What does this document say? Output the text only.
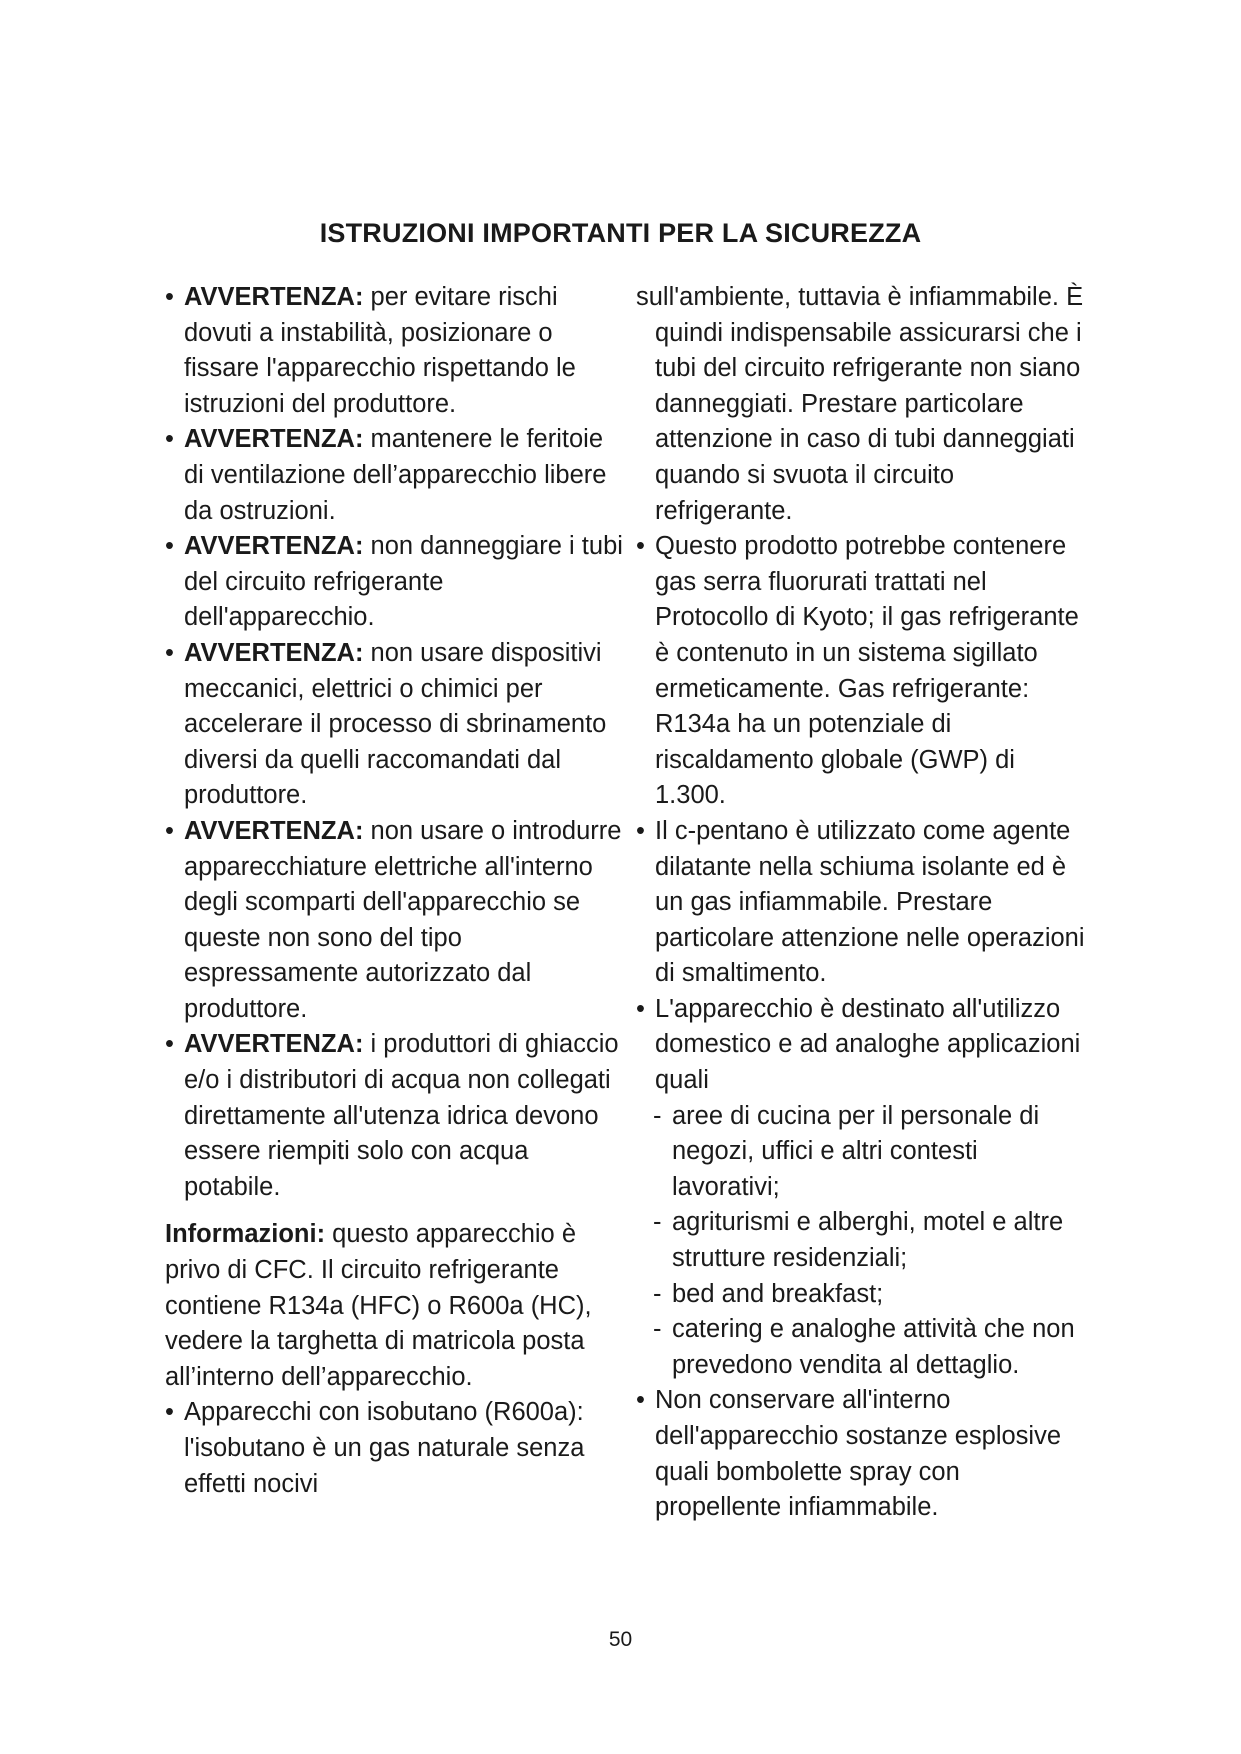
ISTRUZIONI IMPORTANTI PER LA SICUREZZA

•AVVERTENZA: per evitare rischi dovuti a instabilità, posizionare o fissare l'apparecchio rispettando le istruzioni del produttore.

•AVVERTENZA: mantenere le feritoie di ventilazione dell’apparecchio libere da ostruzioni.

•AVVERTENZA: non danneggiare i tubi del circuito refrigerante dell'apparecchio.

•AVVERTENZA: non usare dispositivi meccanici, elettrici o chimici per accelerare il processo di sbrinamento diversi da quelli raccomandati dal produttore.

•AVVERTENZA: non usare o introdurre apparecchiature elettriche all'interno degli scomparti dell'apparecchio se queste non sono del tipo espressamente autorizzato dal produttore.

•AVVERTENZA: i produttori di ghiaccio e/o i distributori di acqua non collegati direttamente all'utenza idrica devono essere riempiti solo con acqua potabile.

Informazioni: questo apparecchio è privo di CFC. Il circuito refrigerante contiene R134a (HFC) o R600a (HC), vedere la targhetta di matricola posta all’interno dell’apparecchio.

•Apparecchi con isobutano (R600a): l'isobutano è un gas naturale senza effetti nocivi

sull'ambiente, tuttavia è infiammabile. È quindi indispensabile assicurarsi che i tubi del circuito refrigerante non siano danneggiati. Prestare particolare attenzione in caso di tubi danneggiati quando si svuota il circuito refrigerante.

•Questo prodotto potrebbe contenere gas serra fluorurati trattati nel Protocollo di Kyoto; il gas refrigerante è contenuto in un sistema sigillato ermeticamente. Gas refrigerante: R134a ha un potenziale di riscaldamento globale (GWP) di 1.300.

•Il c-pentano è utilizzato come agente dilatante nella schiuma isolante ed è un gas infiammabile. Prestare particolare attenzione nelle operazioni di smaltimento.

•L'apparecchio è destinato all'utilizzo domestico e ad analoghe applicazioni quali

-aree di cucina per il personale di negozi, uffici e altri contesti lavorativi;

-agriturismi e alberghi, motel e altre strutture residenziali;

-bed and breakfast;

-catering e analoghe attività che non prevedono vendita al dettaglio.

•Non conservare all'interno dell'apparecchio sostanze esplosive quali bombolette spray con propellente infiammabile.

50
